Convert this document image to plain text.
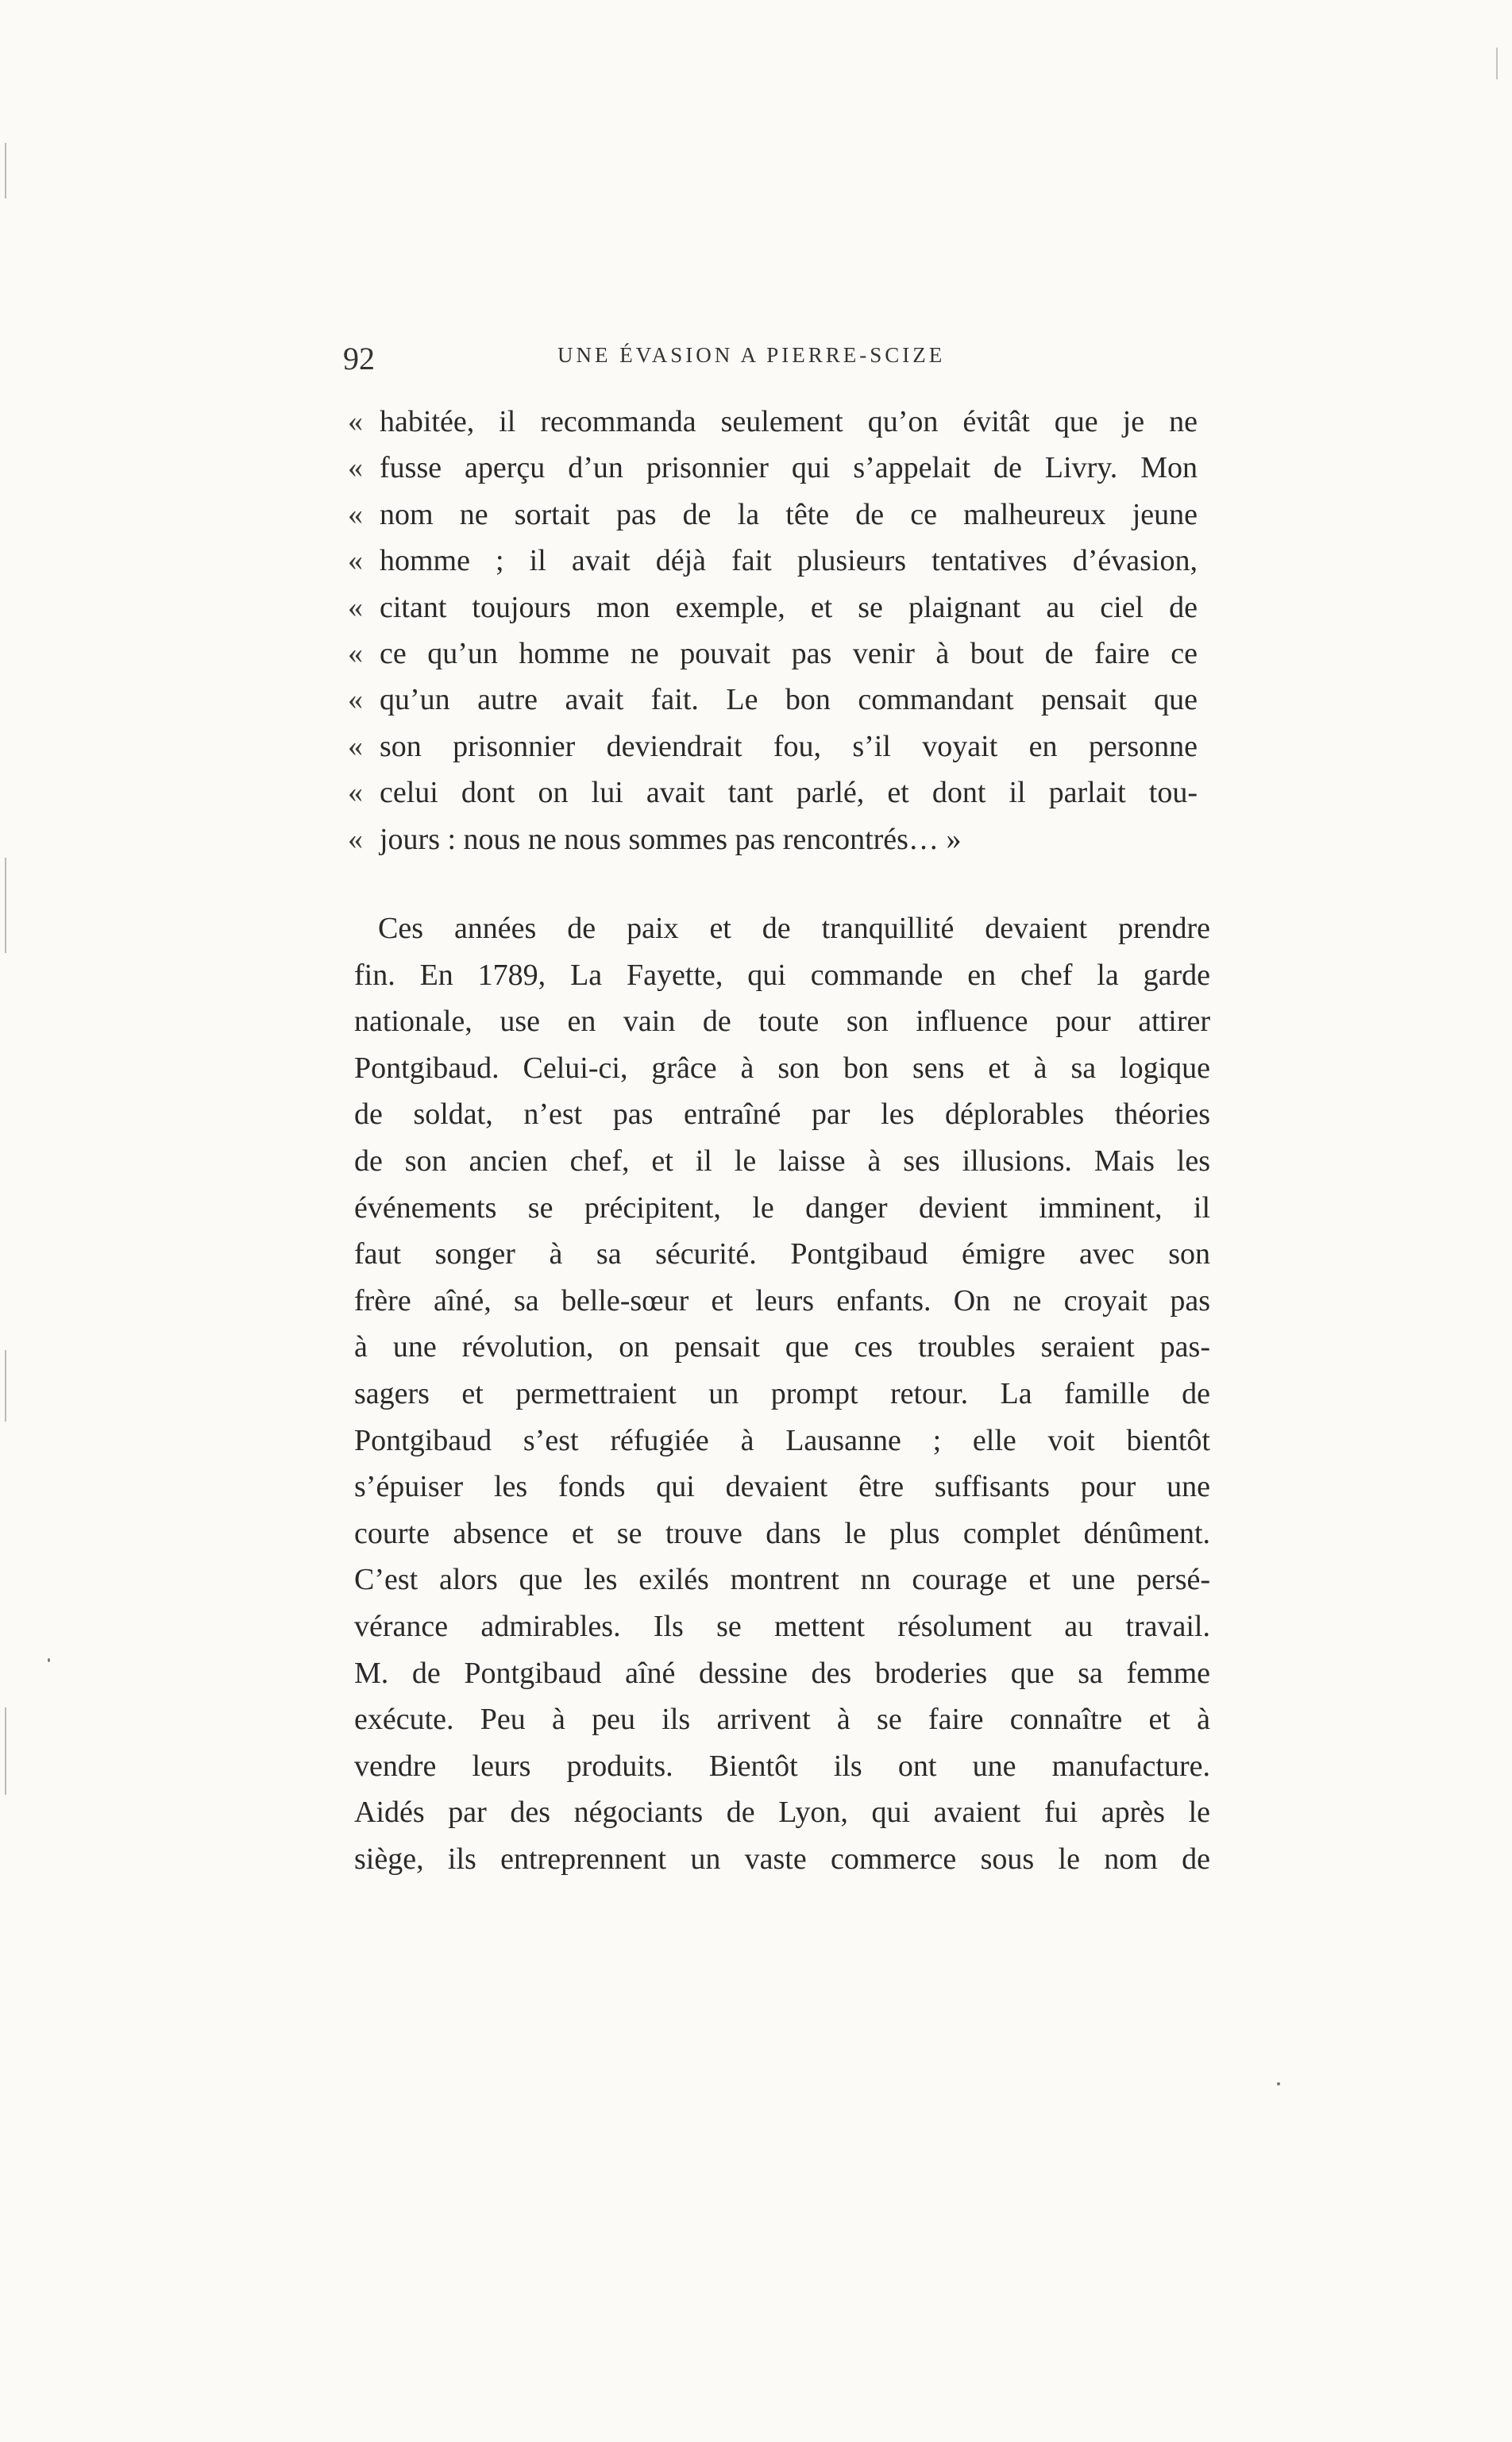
92	UNE ÉVASION A PIERRE-SCIZE
« habitée, il recommanda seulement qu’on évitât que je ne
« fusse aperçu d’un prisonnier qui s’appelait de Livry. Mon
« nom ne sortait pas de la tête de ce malheureux jeune
« homme ; il avait déjà fait plusieurs tentatives d’évasion,
« citant toujours mon exemple, et se plaignant au ciel de
« ce qu’un homme ne pouvait pas venir à bout de faire ce
« qu’un autre avait fait. Le bon commandant pensait que
« son prisonnier deviendrait fou, s’il voyait en personne
« celui dont on lui avait tant parlé, et dont il parlait tou-
« jours : nous ne nous sommes pas rencontrés… »
Ces années de paix et de tranquillité devaient prendre
fin. En 1789, La Fayette, qui commande en chef la garde
nationale, use en vain de toute son influence pour attirer
Pontgibaud. Celui-ci, grâce à son bon sens et à sa logique
de soldat, n’est pas entraîné par les déplorables théories
de son ancien chef, et il le laisse à ses illusions. Mais les
événements se précipitent, le danger devient imminent, il
faut songer à sa sécurité. Pontgibaud émigre avec son
frère aîné, sa belle-sœur et leurs enfants. On ne croyait pas
à une révolution, on pensait que ces troubles seraient pas-
sagers et permettraient un prompt retour. La famille de
Pontgibaud s’est réfugiée à Lausanne ; elle voit bientôt
s’épuiser les fonds qui devaient être suffisants pour une
courte absence et se trouve dans le plus complet dénûment.
C’est alors que les exilés montrent nn courage et une persé-
vérance admirables. Ils se mettent résolument au travail.
M. de Pontgibaud aîné dessine des broderies que sa femme
exécute. Peu à peu ils arrivent à se faire connaître et à
vendre leurs produits. Bientôt ils ont une manufacture.
Aidés par des négociants de Lyon, qui avaient fui après le
siège, ils entreprennent un vaste commerce sous le nom de
